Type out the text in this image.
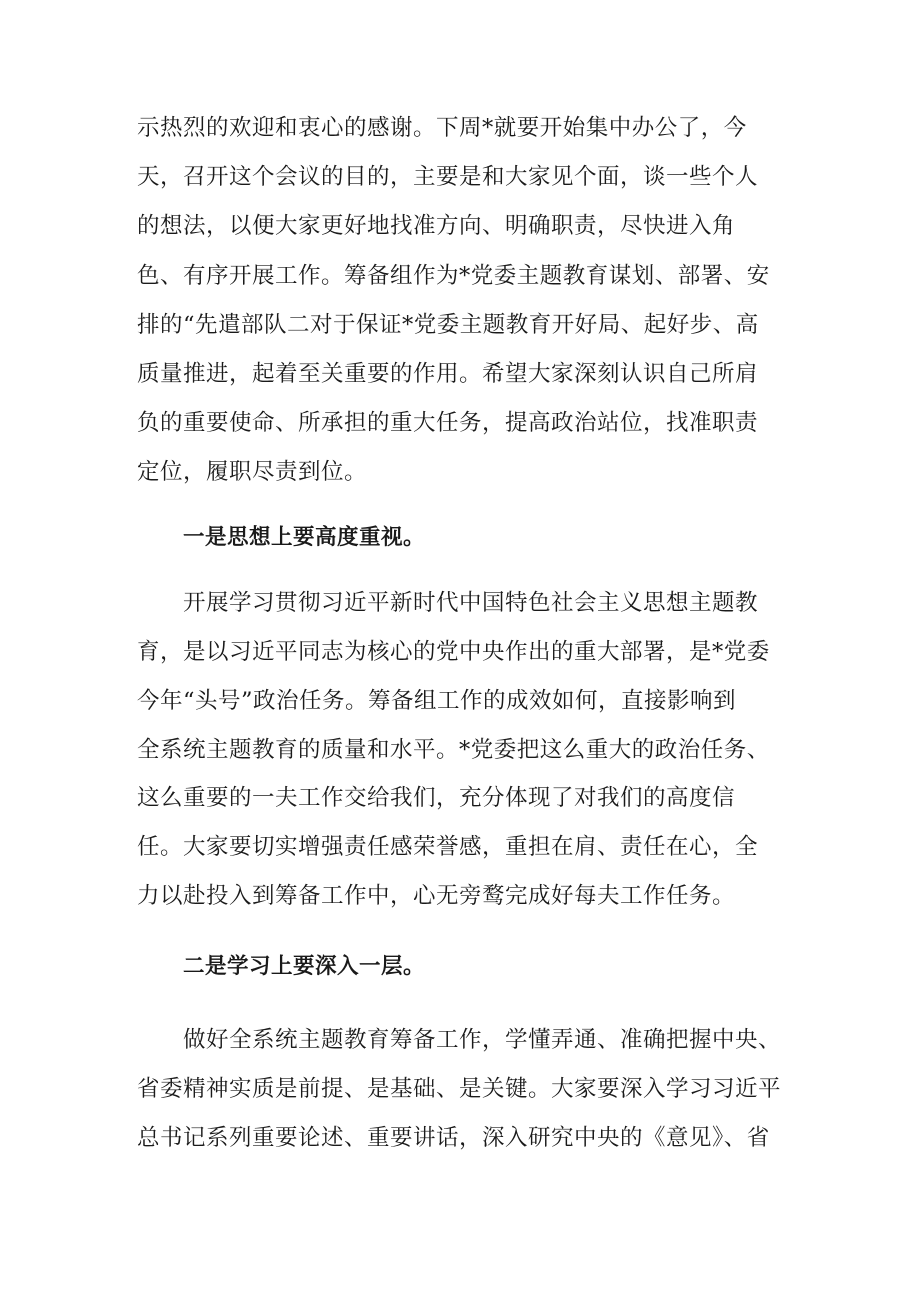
示热烈的欢迎和衷心的感谢。下周*就要开始集中办公了，今
天，召开这个会议的目的，主要是和大家见个面，谈一些个人
的想法，以便大家更好地找准方向、明确职责，尽快进入角
色、有序开展工作。筹备组作为*党委主题教育谋划、部署、安
排的“先遣部队二对于保证*党委主题教育开好局、起好步、高
质量推进，起着至关重要的作用。希望大家深刻认识自己所肩
负的重要使命、所承担的重大任务，提高政治站位，找准职责
定位，履职尽责到位。
一是思想上要高度重视。
开展学习贯彻习近平新时代中国特色社会主义思想主题教
育，是以习近平同志为核心的党中央作出的重大部署，是*党委
今年“头号”政治任务。筹备组工作的成效如何，直接影响到
全系统主题教育的质量和水平。*党委把这么重大的政治任务、
这么重要的一夫工作交给我们，充分体现了对我们的高度信
任。大家要切实增强责任感荣誉感，重担在肩、责任在心，全
力以赴投入到筹备工作中，心无旁鹜完成好每夫工作任务。
二是学习上要深入一层。
做好全系统主题教育筹备工作，学懂弄通、准确把握中央、
省委精神实质是前提、是基础、是关键。大家要深入学习习近平
总书记系列重要论述、重要讲话，深入研究中央的《意见》、省
